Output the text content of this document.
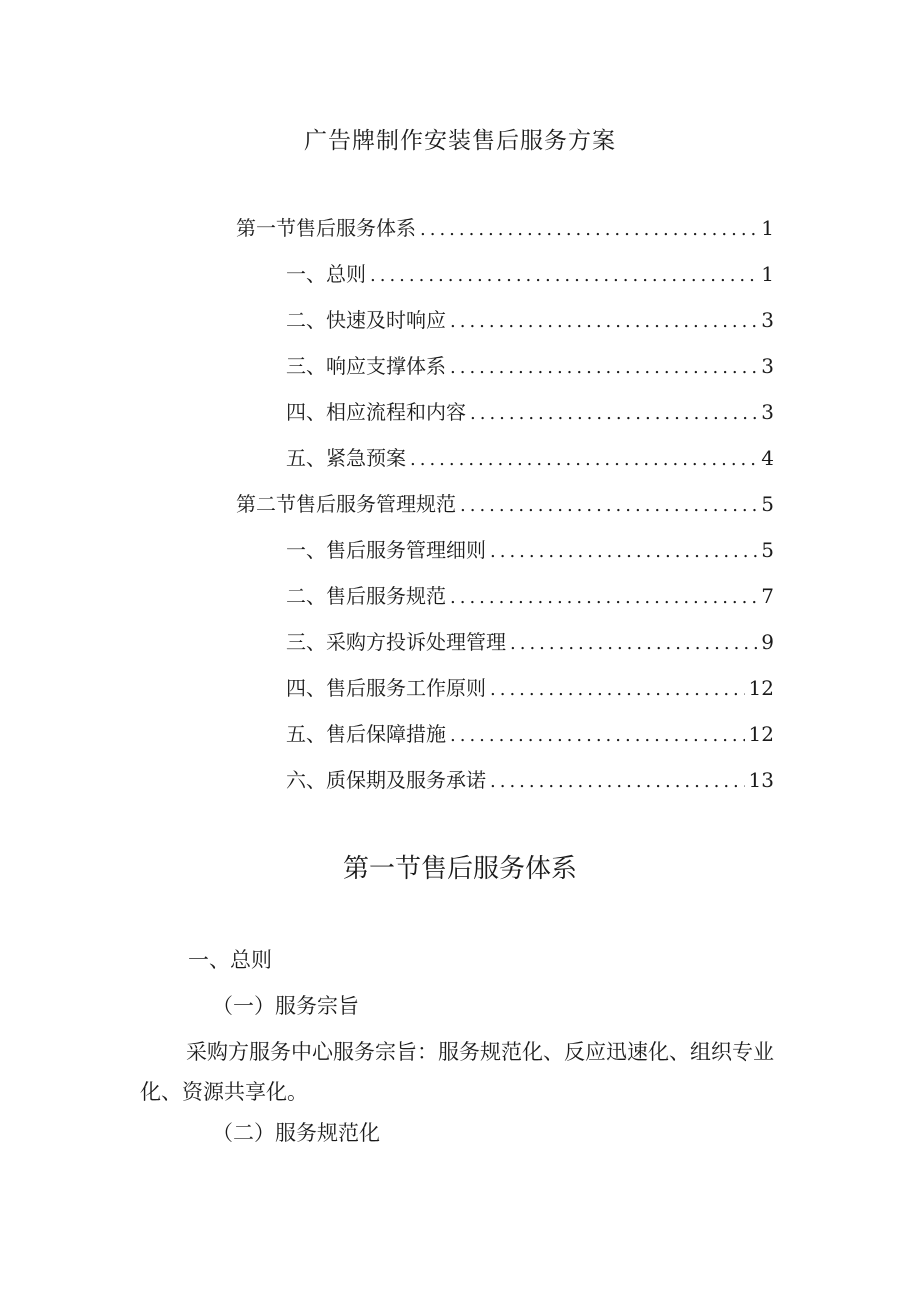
广告牌制作安装售后服务方案
第一节售后服务体系 .....	1
一、总则 .....	1
二、快速及时响应 .....	3
三、响应支撑体系 .....	3
四、相应流程和内容 .....	3
五、紧急预案 .....	4
第二节售后服务管理规范 .....	5
一、售后服务管理细则 .....	5
二、售后服务规范 .....	7
三、采购方投诉处理管理 .....	9
四、售后服务工作原则 .....	12
五、售后保障措施 .....	12
六、质保期及服务承诺 .....	13
第一节售后服务体系
一、总则

（一）服务宗旨

采购方服务中心服务宗旨：服务规范化、反应迅速化、组织专业化、资源共享化。

（二）服务规范化
